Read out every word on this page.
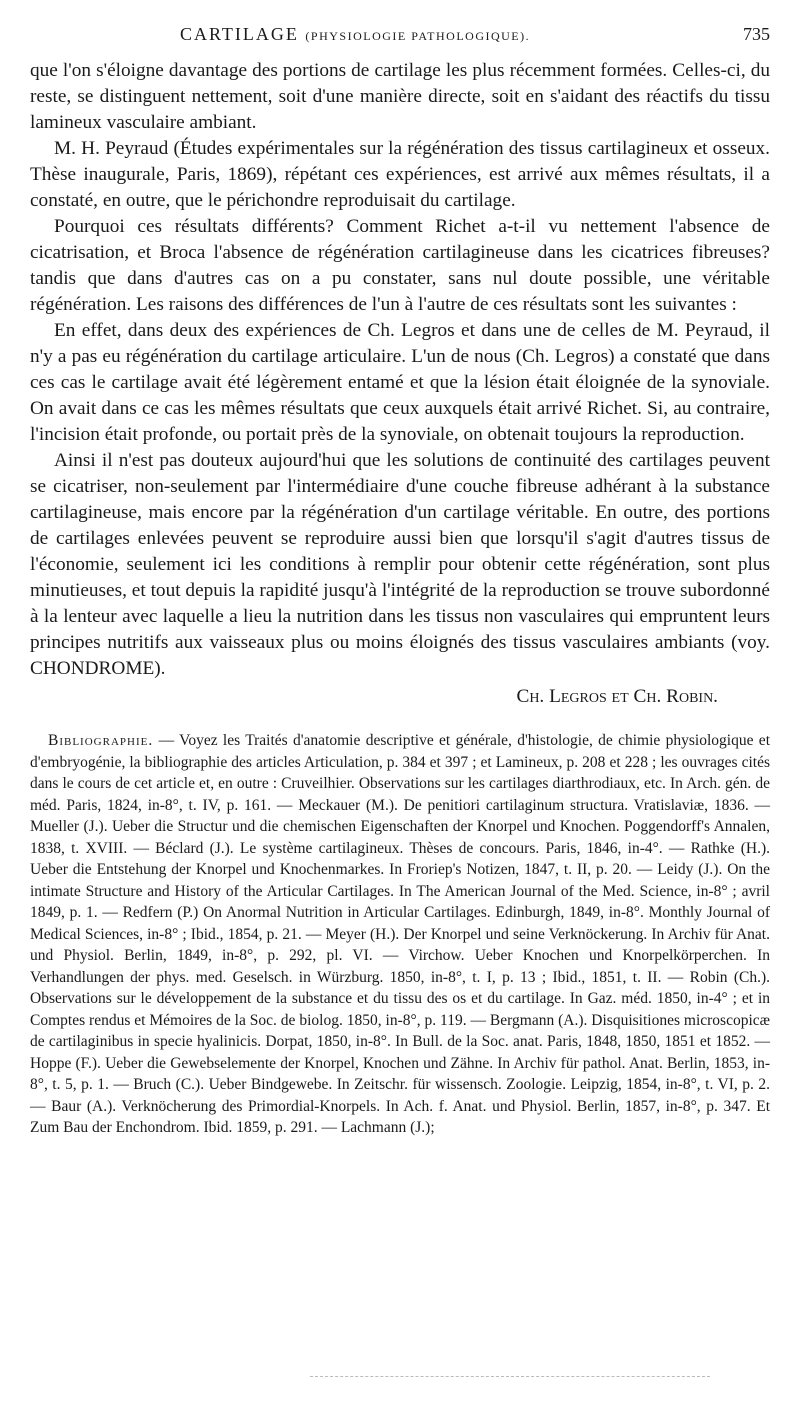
CARTILAGE (PHYSIOLOGIE PATHOLOGIQUE).	735

que l'on s'éloigne davantage des portions de cartilage les plus récemment formées. Celles-ci, du reste, se distinguent nettement, soit d'une manière directe, soit en s'aidant des réactifs du tissu lamineux vasculaire ambiant.

M. H. Peyraud (Études expérimentales sur la régénération des tissus cartilagineux et osseux. Thèse inaugurale, Paris, 1869), répétant ces expériences, est arrivé aux mêmes résultats, il a constaté, en outre, que le périchondre reproduisait du cartilage.

Pourquoi ces résultats différents? Comment Richet a-t-il vu nettement l'absence de cicatrisation, et Broca l'absence de régénération cartilagineuse dans les cicatrices fibreuses? tandis que dans d'autres cas on a pu constater, sans nul doute possible, une véritable régénération. Les raisons des différences de l'un à l'autre de ces résultats sont les suivantes :

En effet, dans deux des expériences de Ch. Legros et dans une de celles de M. Peyraud, il n'y a pas eu régénération du cartilage articulaire. L'un de nous (Ch. Legros) a constaté que dans ces cas le cartilage avait été légèrement entamé et que la lésion était éloignée de la synoviale. On avait dans ce cas les mêmes résultats que ceux auxquels était arrivé Richet. Si, au contraire, l'incision était profonde, ou portait près de la synoviale, on obtenait toujours la reproduction.

Ainsi il n'est pas douteux aujourd'hui que les solutions de continuité des cartilages peuvent se cicatriser, non-seulement par l'intermédiaire d'une couche fibreuse adhérant à la substance cartilagineuse, mais encore par la régénération d'un cartilage véritable. En outre, des portions de cartilages enlevées peuvent se reproduire aussi bien que lorsqu'il s'agit d'autres tissus de l'économie, seulement ici les conditions à remplir pour obtenir cette régénération, sont plus minutieuses, et tout depuis la rapidité jusqu'à l'intégrité de la reproduction se trouve subordonné à la lenteur avec laquelle a lieu la nutrition dans les tissus non vasculaires qui empruntent leurs principes nutritifs aux vaisseaux plus ou moins éloignés des tissus vasculaires ambiants (voy. CHONDROME).

Ch. Legros et Ch. Robin.
Bibliographie. — Voyez les Traités d'anatomie descriptive et générale, d'histologie, de chimie physiologique et d'embryogénie, la bibliographie des articles Articulation, p. 384 et 397 ; et Lamineux, p. 208 et 228 ; les ouvrages cités dans le cours de cet article et, en outre : Cruveilhier. Observations sur les cartilages diarthrodiaux, etc. In Arch. gén. de méd. Paris, 1824, in-8°, t. IV, p. 161. — Meckauer (M.). De penitiori cartilaginum structura. Vratislaviæ, 1836. — Mueller (J.). Ueber die Structur und die chemischen Eigenschaften der Knorpel und Knochen. Poggendorff's Annalen, 1838, t. XVIII. — Béclard (J.). Le système cartilagineux. Thèses de concours. Paris, 1846, in-4°. — Rathke (H.). Ueber die Entstehung der Knorpel und Knochenmarkes. In Froriep's Notizen, 1847, t. II, p. 20. — Leidy (J.). On the intimate Structure and History of the Articular Cartilages. In The American Journal of the Med. Science, in-8° ; avril 1849, p. 1. — Redfern (P.) On Anormal Nutrition in Articular Cartilages. Edinburgh, 1849, in-8°. Monthly Journal of Medical Sciences, in-8° ; Ibid., 1854, p. 21. — Meyer (H.). Der Knorpel und seine Verknöckerung. In Archiv für Anat. und Physiol. Berlin, 1849, in-8°, p. 292, pl. VI. — Virchow. Ueber Knochen und Knorpelkörperchen. In Verhandlungen der phys. med. Geselsch. in Würzburg. 1850, in-8°, t. I, p. 13 ; Ibid., 1851, t. II. — Robin (Ch.). Observations sur le développement de la substance et du tissu des os et du cartilage. In Gaz. méd. 1850, in-4° ; et in Comptes rendus et Mémoires de la Soc. de biolog. 1850, in-8°, p. 119. — Bergmann (A.). Disquisitiones microscopicæ de cartilaginibus in specie hyalinicis. Dorpat, 1850, in-8°. In Bull. de la Soc. anat. Paris, 1848, 1850, 1851 et 1852. — Hoppe (F.). Ueber die Gewebselemente der Knorpel, Knochen und Zähne. In Archiv für pathol. Anat. Berlin, 1853, in-8°, t. 5, p. 1. — Bruch (C.). Ueber Bindgewebe. In Zeitschr. für wissensch. Zoologie. Leipzig, 1854, in-8°, t. VI, p. 2. — Baur (A.). Verknöcherung des Primordial-Knorpels. In Ach. f. Anat. und Physiol. Berlin, 1857, in-8°, p. 347. Et Zum Bau der Enchondrom. Ibid. 1859, p. 291. — Lachmann (J.);
